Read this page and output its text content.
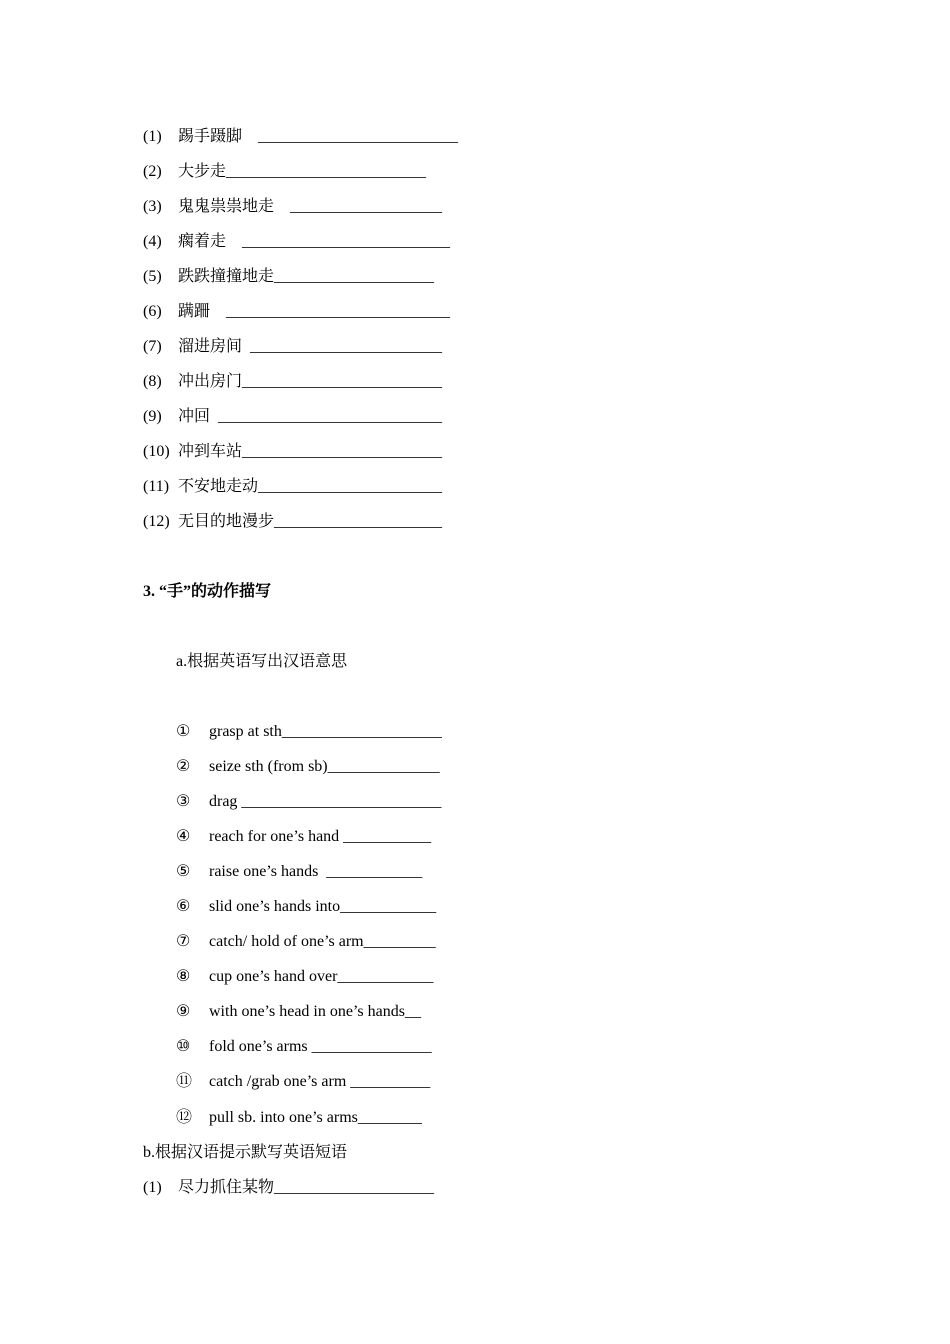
(1) 踢手蹑脚    _________________________
(2) 大步走_________________________
(3) 鬼鬼祟祟地走    ___________________
(4) 瘸着走    __________________________
(5) 跌跌撞撞地走____________________
(6) 蹒跚    ____________________________
(7) 溜进房间  ________________________
(8) 冲出房门_________________________
(9) 冲回  ____________________________
(10) 冲到车站_________________________
(11) 不安地走动_______________________
(12) 无目的地漫步_____________________
3. “手”的动作描写
a.根据英语写出汉语意思
① grasp at sth____________________
② seize sth (from sb)______________
③ drag _________________________
④ reach for one’s hand ___________
⑤ raise one’s hands  ____________
⑥ slid one’s hands into____________
⑦ catch/ hold of one’s arm_________
⑧ cup one’s hand over____________
⑨ with one’s head in one’s hands__
⑩ fold one’s arms _______________
⑪ catch /grab one’s arm __________
⑫ pull sb. into one’s arms________
b.根据汉语提示默写英语短语
(1) 尽力抓住某物____________________
